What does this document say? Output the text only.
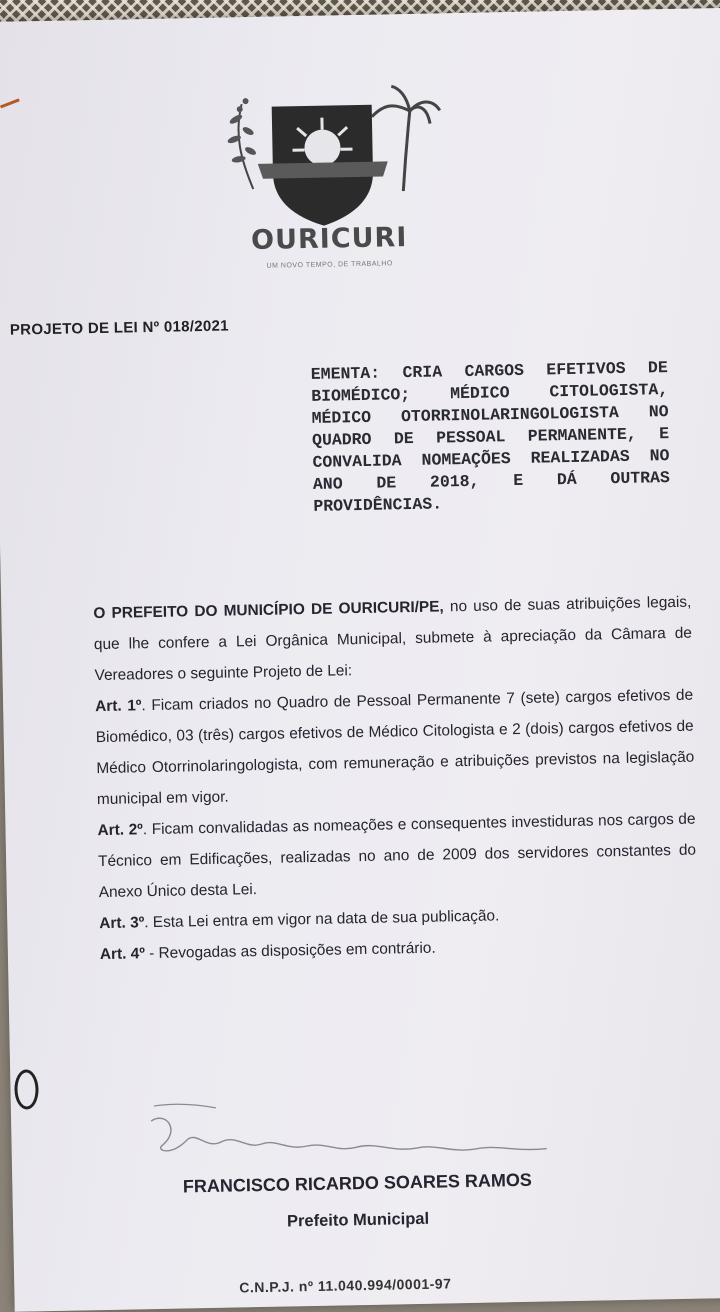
OURICURI
UM NOVO TEMPO, DE TRABALHO
PROJETO DE LEI Nº 018/2021
EMENTA: CRIA CARGOS EFETIVOS DE BIOMÉDICO; MÉDICO CITOLOGISTA, MÉDICO OTORRINOLARINGOLOGISTA NO QUADRO DE PESSOAL PERMANENTE, E CONVALIDA NOMEAÇÕES REALIZADAS NO ANO DE 2018, E DÁ OUTRAS PROVIDÊNCIAS.

O PREFEITO DO MUNICÍPIO DE OURICURI/PE, no uso de suas atribuições legais, que lhe confere a Lei Orgânica Municipal, submete à apreciação da Câmara de Vereadores o seguinte Projeto de Lei:

Art. 1º. Ficam criados no Quadro de Pessoal Permanente 7 (sete) cargos efetivos de Biomédico, 03 (três) cargos efetivos de Médico Citologista e 2 (dois) cargos efetivos de Médico Otorrinolaringologista, com remuneração e atribuições previstos na legislação municipal em vigor.

Art. 2º. Ficam convalidadas as nomeações e consequentes investiduras nos cargos de Técnico em Edificações, realizadas no ano de 2009 dos servidores constantes do Anexo Único desta Lei.

Art. 3º. Esta Lei entra em vigor na data de sua publicação.

Art. 4º - Revogadas as disposições em contrário.

FRANCISCO RICARDO SOARES RAMOS
Prefeito Municipal
C.N.P.J. nº 11.040.994/0001-97
